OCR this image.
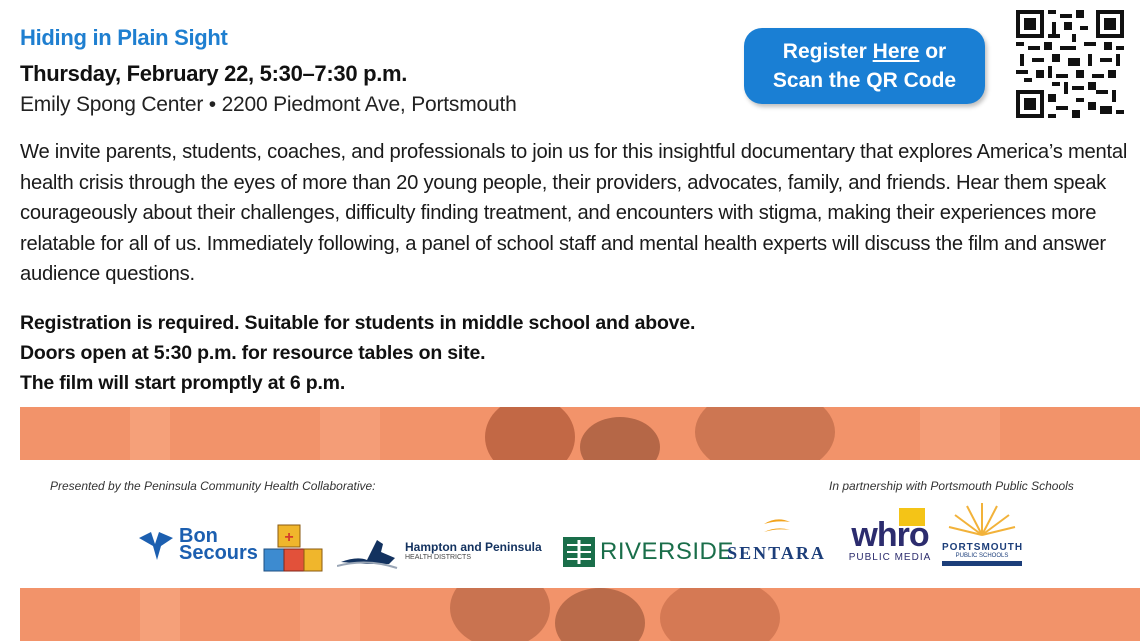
Hiding in Plain Sight
Thursday, February 22, 5:30–7:30 p.m.
Emily Spong Center • 2200 Piedmont Ave, Portsmouth
Register Here or
Scan the QR Code
We invite parents, students, coaches, and professionals to join us for this insightful documentary that explores America’s mental health crisis through the eyes of more than 20 young people, their providers, advocates, family, and friends. Hear them speak courageously about their challenges, difficulty finding treatment, and encounters with stigma, making their experiences more relatable for all of us. Immediately following, a panel of school staff and mental health experts will discuss the film and answer audience questions.
Registration is required. Suitable for students in middle school and above.
Doors open at 5:30 p.m. for resource tables on site.
The film will start promptly at 6 p.m.
Presented by the Peninsula Community Health Collaborative:	In partnership with Portsmouth Public Schools
Bon
Secours
+
Hampton and Peninsula
HEALTH DISTRICTS	RIVERSIDE
SENTARA whro
PUBLIC MEDIA
PORTSMOUTH
PUBLIC SCHOOLS
